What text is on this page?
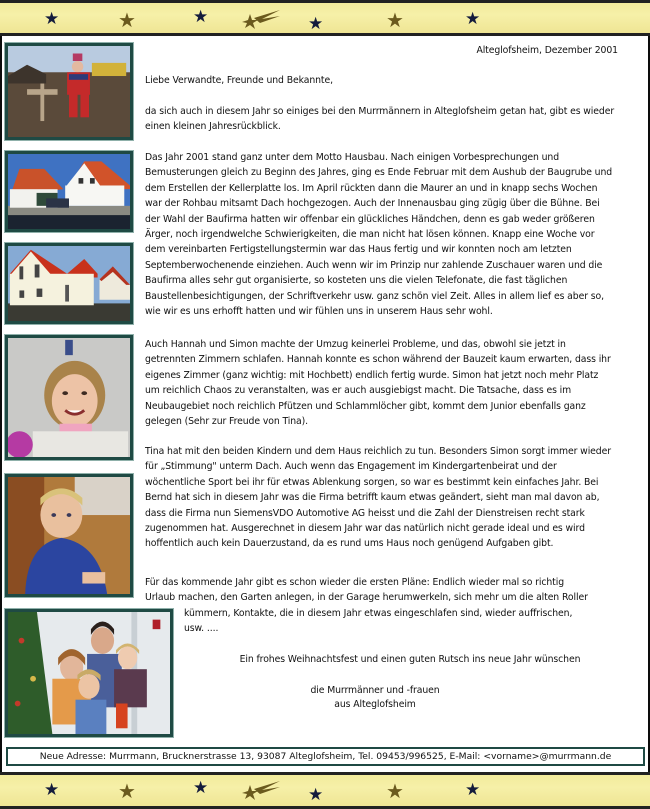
★	★	★	★	★	★
Alteglofsheim, Dezember 2001
Liebe Verwandte, Freunde und Bekannte,
da sich auch in diesem Jahr so einiges bei den Murrmännern in Alteglofsheim getan hat, gibt es wieder einen kleinen Jahresrückblick.
Das Jahr 2001 stand ganz unter dem Motto Hausbau. Nach einigen Vorbesprechungen und Bemusterungen gleich zu Beginn des Jahres, ging es Ende Februar mit dem Aushub der Baugrube und dem Erstellen der Kellerplatte los. Im April rückten dann die Maurer an und in knapp sechs Wochen war der Rohbau mitsamt Dach hochgezogen. Auch der Innenausbau ging zügig über die Bühne. Bei der Wahl der Baufirma hatten wir offenbar ein glückliches Händchen, denn es gab weder größeren Ärger, noch irgendwelche Schwierigkeiten, die man nicht hat lösen können. Knapp eine Woche vor dem vereinbarten Fertigstellungstermin war das Haus fertig und wir konnten noch am letzten Septemberwochenende einziehen. Auch wenn wir im Prinzip nur zahlende Zuschauer waren und die Baufirma alles sehr gut organisierte, so kosteten uns die vielen Telefonate, die fast täglichen Baustellenbesichtigungen, der Schriftverkehr usw. ganz schön viel Zeit. Alles in allem lief es aber so, wie wir es uns erhofft hatten und wir fühlen uns in unserem Haus sehr wohl.
Auch Hannah und Simon machte der Umzug keinerlei Probleme, und das, obwohl sie jetzt in getrennten Zimmern schlafen. Hannah konnte es schon während der Bauzeit kaum erwarten, dass ihr eigenes Zimmer (ganz wichtig: mit Hochbett) endlich fertig wurde. Simon hat jetzt noch mehr Platz um reichlich Chaos zu veranstalten, was er auch ausgiebigst macht. Die Tatsache, dass es im Neubaugebiet noch reichlich Pfützen und Schlammlöcher gibt, kommt dem Junior ebenfalls ganz gelegen (Sehr zur Freude von Tina).
Tina hat mit den beiden Kindern und dem Haus reichlich zu tun. Besonders Simon sorgt immer wieder für „Stimmung" unterm Dach. Auch wenn das Engagement im Kindergartenbeirat und der wöchentliche Sport bei ihr für etwas Ablenkung sorgen, so war es bestimmt kein einfaches Jahr. Bei Bernd hat sich in diesem Jahr was die Firma betrifft kaum etwas geändert, sieht man mal davon ab, dass die Firma nun SiemensVDO Automotive AG heisst und die Zahl der Dienstreisen recht stark zugenommen hat. Ausgerechnet in diesem Jahr war das natürlich nicht gerade ideal und es wird hoffentlich auch kein Dauerzustand, da es rund ums Haus noch genügend Aufgaben gibt.
Für das kommende Jahr gibt es schon wieder die ersten Pläne: Endlich wieder mal so richtig
Urlaub machen, den Garten anlegen, in der Garage herumwerkeln, sich mehr um die alten Roller
kümmern, Kontakte, die in diesem Jahr etwas eingeschlafen sind, wieder auffrischen,
usw. ....
Ein frohes Weihnachtsfest und einen guten Rutsch ins neue Jahr wünschen
die Murrmänner und -frauen
aus Alteglofsheim
Neue Adresse: Murrmann, Brucknerstrasse 13, 93087 Alteglofsheim, Tel. 09453/996525, E-Mail: <vorname>@murrmann.de
★	★	★	★	★	★
